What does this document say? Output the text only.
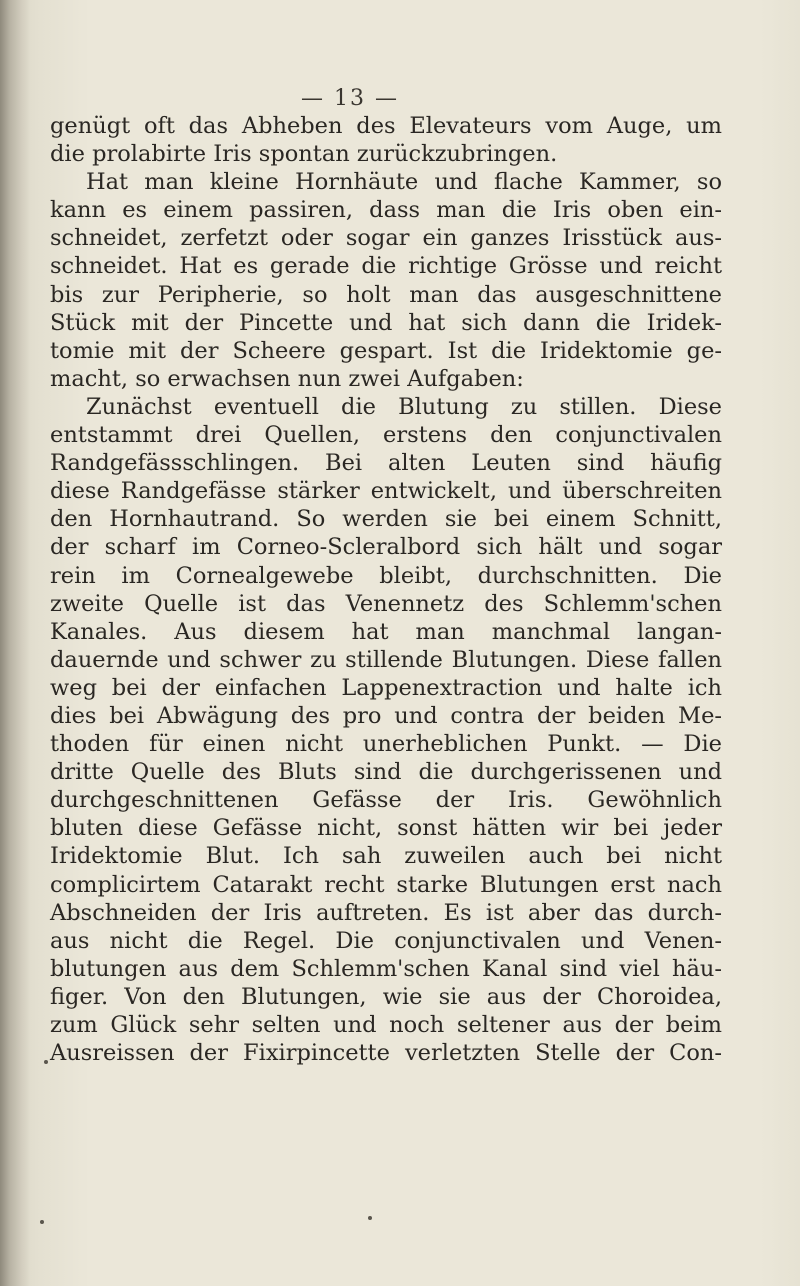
— 13 —
genügt oft das Abheben des Elevateurs vom Auge, um
die prolabirte Iris spontan zurückzubringen.
Hat man kleine Hornhäute und flache Kammer, so
kann es einem passiren, dass man die Iris oben ein-
schneidet, zerfetzt oder sogar ein ganzes Irisstück aus-
schneidet. Hat es gerade die richtige Grösse und reicht
bis zur Peripherie, so holt man das ausgeschnittene
Stück mit der Pincette und hat sich dann die Iridek-
tomie mit der Scheere gespart. Ist die Iridektomie ge-
macht, so erwachsen nun zwei Aufgaben:
Zunächst eventuell die Blutung zu stillen. Diese
entstammt drei Quellen, erstens den conjunctivalen
Randgefässschlingen. Bei alten Leuten sind häufig
diese Randgefässe stärker entwickelt, und überschreiten
den Hornhautrand. So werden sie bei einem Schnitt,
der scharf im Corneo-Scleralbord sich hält und sogar
rein im Cornealgewebe bleibt, durchschnitten. Die
zweite Quelle ist das Venennetz des Schlemm'schen
Kanales. Aus diesem hat man manchmal langan-
dauernde und schwer zu stillende Blutungen. Diese fallen
weg bei der einfachen Lappenextraction und halte ich
dies bei Abwägung des pro und contra der beiden Me-
thoden für einen nicht unerheblichen Punkt. — Die
dritte Quelle des Bluts sind die durchgerissenen und
durchgeschnittenen Gefässe der Iris. Gewöhnlich
bluten diese Gefässe nicht, sonst hätten wir bei jeder
Iridektomie Blut. Ich sah zuweilen auch bei nicht
complicirtem Catarakt recht starke Blutungen erst nach
Abschneiden der Iris auftreten. Es ist aber das durch-
aus nicht die Regel. Die conjunctivalen und Venen-
blutungen aus dem Schlemm'schen Kanal sind viel häu-
figer. Von den Blutungen, wie sie aus der Choroidea,
zum Glück sehr selten und noch seltener aus der beim
Ausreissen der Fixirpincette verletzten Stelle der Con-
